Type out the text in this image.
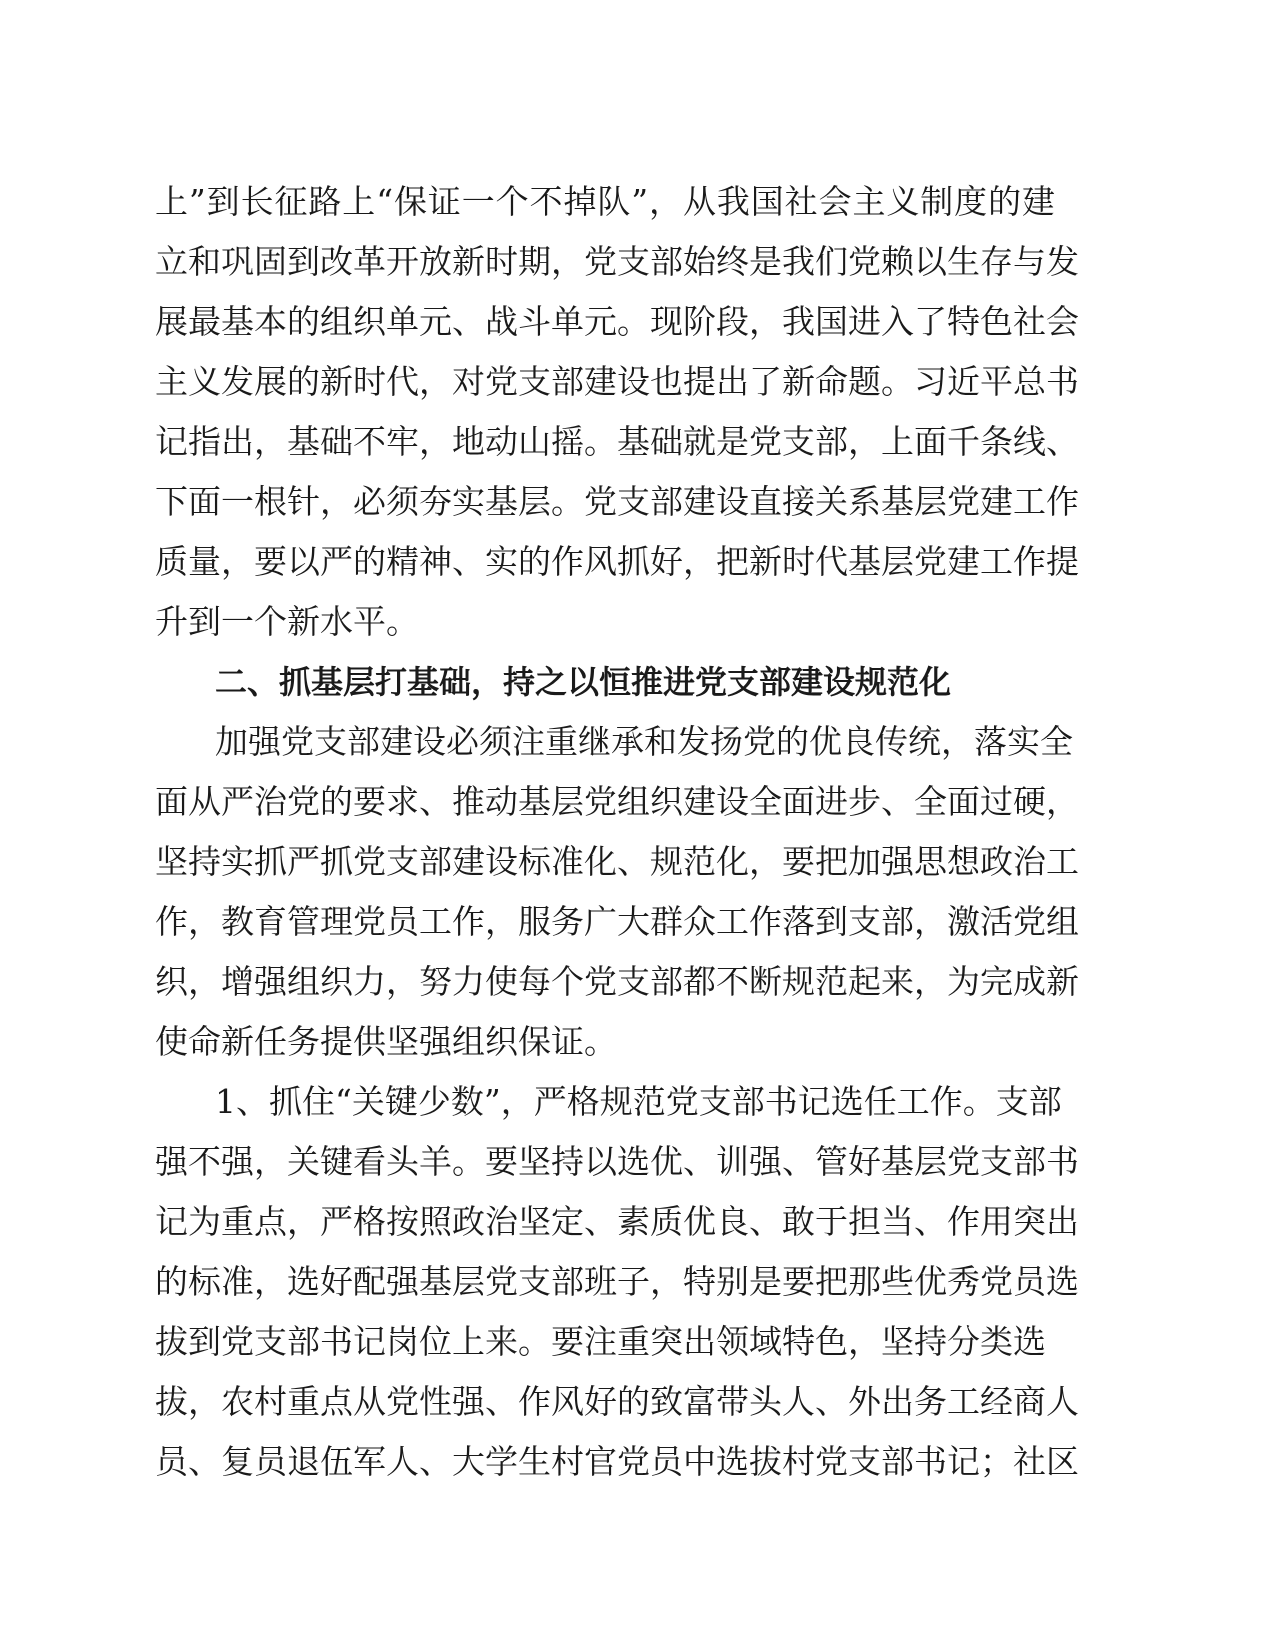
上”到长征路上“保证一个不掉队”，从我国社会主义制度的建
立和巩固到改革开放新时期，党支部始终是我们党赖以生存与发
展最基本的组织单元、战斗单元。现阶段，我国进入了特色社会
主义发展的新时代，对党支部建设也提出了新命题。习近平总书
记指出，基础不牢，地动山摇。基础就是党支部，上面千条线、
下面一根针，必须夯实基层。党支部建设直接关系基层党建工作
质量，要以严的精神、实的作风抓好，把新时代基层党建工作提
升到一个新水平。
二、抓基层打基础，持之以恒推进党支部建设规范化
加强党支部建设必须注重继承和发扬党的优良传统，落实全
面从严治党的要求、推动基层党组织建设全面进步、全面过硬，
坚持实抓严抓党支部建设标准化、规范化，要把加强思想政治工
作，教育管理党员工作，服务广大群众工作落到支部，激活党组
织，增强组织力，努力使每个党支部都不断规范起来，为完成新
使命新任务提供坚强组织保证。
1、抓住“关键少数”，严格规范党支部书记选任工作。支部
强不强，关键看头羊。要坚持以选优、训强、管好基层党支部书
记为重点，严格按照政治坚定、素质优良、敢于担当、作用突出
的标准，选好配强基层党支部班子，特别是要把那些优秀党员选
拔到党支部书记岗位上来。要注重突出领域特色，坚持分类选
拔，农村重点从党性强、作风好的致富带头人、外出务工经商人
员、复员退伍军人、大学生村官党员中选拔村党支部书记；社区
